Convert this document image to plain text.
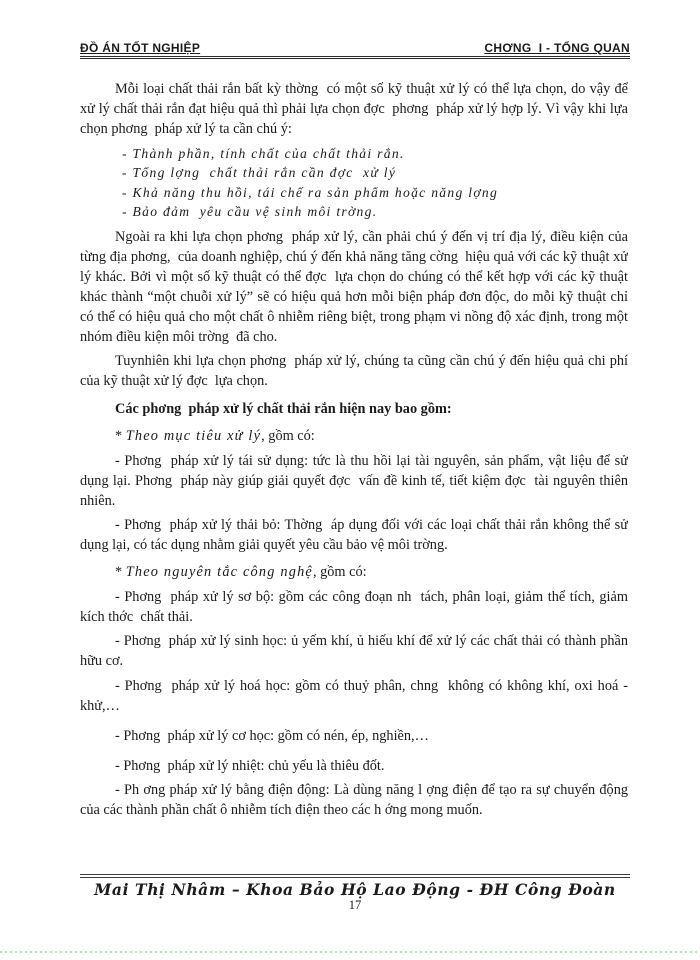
ĐỒ ÁN TỐT NGHIỆP	CHƠNG  I - TỔNG QUAN

Mỗi loại chất thải rắn bất kỳ thờng  có một số kỹ thuật xử lý có thể lựa chọn, do vậy để xử lý chất thải rắn đạt hiệu quả thì phải lựa chọn đợc  phơng  pháp xử lý hợp lý. Vì vậy khi lựa chọn phơng  pháp xử lý ta cần chú ý:

- Thành phần, tính chất của chất thải rắn.

- Tổng lợng  chất thải rắn cần đợc  xử lý

- Khả năng thu hồi, tái chế ra sản phẩm hoặc năng lợng

- Bảo đảm  yêu cầu vệ sinh môi trờng.

Ngoài ra khi lựa chọn phơng  pháp xử lý, cần phải chú ý đến vị trí địa lý, điều kiện của từng địa phơng,  của doanh nghiệp, chú ý đến khả năng tăng cờng  hiệu quả với các kỹ thuật xử lý khác. Bởi vì một số kỹ thuật có thể đợc  lựa chọn do chúng có thể kết hợp với các kỹ thuật khác thành “một chuỗi xử lý” sẽ có hiệu quả hơn mỗi biện pháp đơn độc, do mỗi kỹ thuật chỉ có thể có hiệu quả cho một chất ô nhiễm riêng biệt, trong phạm vi nồng độ xác định, trong một nhóm điều kiện môi trờng  đã cho.

Tuynhiên khi lựa chọn phơng  pháp xử lý, chúng ta cũng cần chú ý đến hiệu quả chi phí của kỹ thuật xử lý đợc  lựa chọn.

Các phơng  pháp xử lý chất thải rắn hiện nay bao gồm:

* Theo mục tiêu xử lý, gồm có:

- Phơng  pháp xử lý tái sử dụng: tức là thu hồi lại tài nguyên, sản phẩm, vật liệu để sử dụng lại. Phơng  pháp này giúp giải quyết đợc  vấn đề kinh tế, tiết kiệm đợc  tài nguyên thiên nhiên.

- Phơng  pháp xử lý thải bỏ: Thờng  áp dụng đối với các loại chất thải rắn không thể sử dụng lại, có tác dụng nhằm giải quyết yêu cầu bảo vệ môi trờng.

* Theo nguyên tắc công nghệ, gồm có:

- Phơng  pháp xử lý sơ bộ: gồm các công đoạn nh  tách, phân loại, giảm thể tích, giảm kích thớc  chất thải.

- Phơng  pháp xử lý sinh học: ủ yếm khí, ủ hiếu khí để xử lý các chất thải có thành phần hữu cơ.

- Phơng  pháp xử lý hoá học: gồm có thuỷ phân, chng  không có không khí, oxi hoá - khử,…

- Phơng  pháp xử lý cơ học: gồm có nén, ép, nghiền,…

- Phơng  pháp xử lý nhiệt: chủ yếu là thiêu đốt.

- Ph ơng pháp xử lý bằng điện động: Là dùng năng l ợng điện để tạo ra sự chuyển động của các thành phần chất ô nhiễm tích điện theo các h ớng mong muốn.

Mai Thị Nhâm – Khoa Bảo Hộ Lao Động - ĐH Công Đoàn
17
